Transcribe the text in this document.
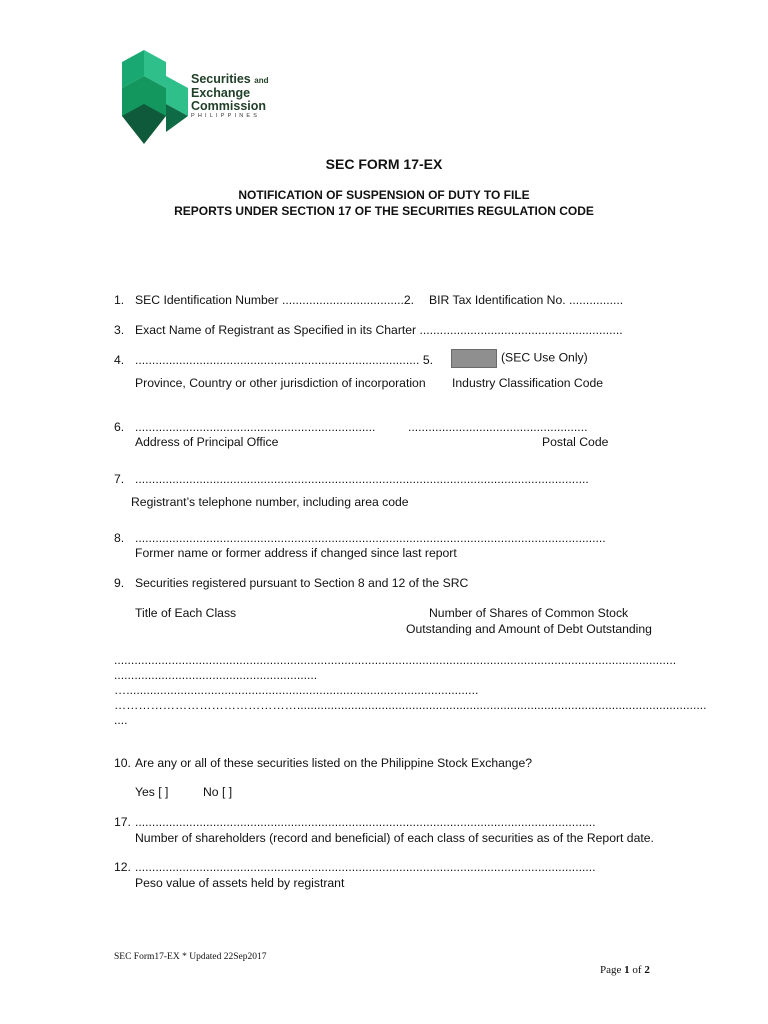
Securities and
Exchange
Commission
PHILIPPINES
SEC FORM 17-EX
NOTIFICATION OF SUSPENSION OF DUTY TO FILE
REPORTS UNDER SECTION 17 OF THE SECURITIES REGULATION CODE
1. SEC Identification Number ....................................2. BIR Tax Identification No. ................
3. Exact Name of Registrant as Specified in its Charter ............................................................
4. .................................................................................... 5.	(SEC Use Only)
Province, Country or other jurisdiction of incorporation Industry Classification Code
6. .......................................................................	.....................................................
Address of Principal Office	Postal Code
7. ......................................................................................................................................
Registrant’s telephone number, including area code
8. ...........................................................................................................................................
Former name or former address if changed since last report
9. Securities registered pursuant to Section 8 and 12 of the SRC
Title of Each Class	Number of Shares of Common Stock
Outstanding and Amount of Debt Outstanding
......................................................................................................................................................................
............................................................
…........................................................................................................
……………………………………….........................................................................................................................
....
10. Are any or all of these securities listed on the Philippine Stock Exchange?
Yes [ ]	No [ ]
17. ........................................................................................................................................
Number of shareholders (record and beneficial) of each class of securities as of the Report date.
12. ........................................................................................................................................
Peso value of assets held by registrant
SEC Form17-EX * Updated 22Sep2017
Page 1 of 2
